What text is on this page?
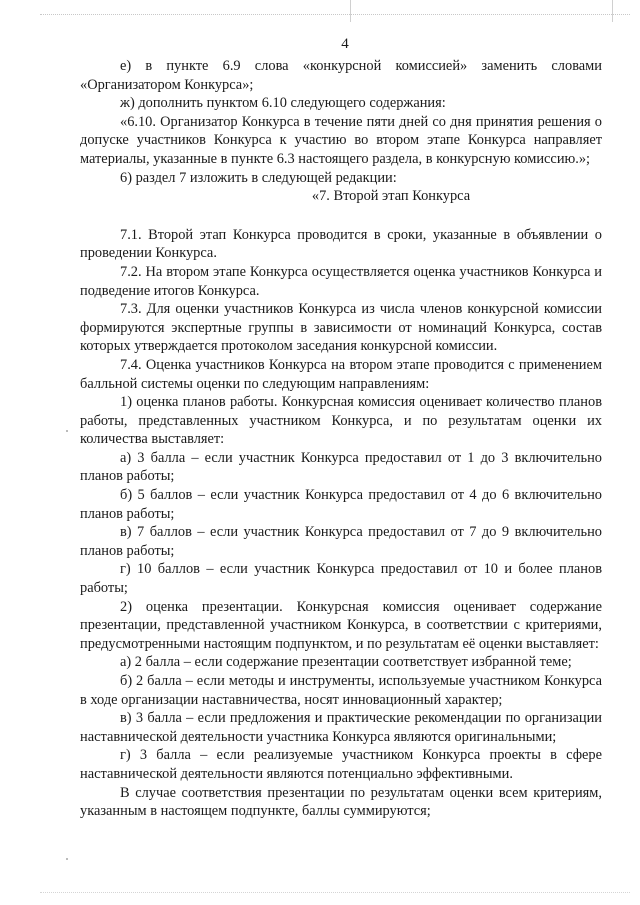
4

е) в пункте 6.9 слова «конкурсной комиссией» заменить словами «Организатором Конкурса»;

ж) дополнить пунктом 6.10 следующего содержания:

«6.10. Организатор Конкурса в течение пяти дней со дня принятия решения о допуске участников Конкурса к участию во втором этапе Конкурса направляет материалы, указанные в пункте 6.3 настоящего раздела, в конкурсную комиссию.»;

6) раздел 7 изложить в следующей редакции:

«7. Второй этап Конкурса

7.1. Второй этап Конкурса проводится в сроки, указанные в объявлении о проведении Конкурса.

7.2. На втором этапе Конкурса осуществляется оценка участников Конкурса и подведение итогов Конкурса.

7.3. Для оценки участников Конкурса из числа членов конкурсной комиссии формируются экспертные группы в зависимости от номинаций Конкурса, состав которых утверждается протоколом заседания конкурсной комиссии.

7.4. Оценка участников Конкурса на втором этапе проводится с применением балльной системы оценки по следующим направлениям:

1) оценка планов работы. Конкурсная комиссия оценивает количество планов работы, представленных участником Конкурса, и по результатам оценки их количества выставляет:

а) 3 балла – если участник Конкурса предоставил от 1 до 3 включительно планов работы;

б) 5 баллов – если участник Конкурса предоставил от 4 до 6 включительно планов работы;

в) 7 баллов – если участник Конкурса предоставил от 7 до 9 включительно планов работы;

г) 10 баллов – если участник Конкурса предоставил от 10 и более планов работы;

2) оценка презентации. Конкурсная комиссия оценивает содержание презентации, представленной участником Конкурса, в соответствии с критериями, предусмотренными настоящим подпунктом, и по результатам её оценки выставляет:

а) 2 балла – если содержание презентации соответствует избранной теме;

б) 2 балла – если методы и инструменты, используемые участником Конкурса в ходе организации наставничества, носят инновационный характер;

в) 3 балла – если предложения и практические рекомендации по организации наставнической деятельности участника Конкурса являются оригинальными;

г) 3 балла – если реализуемые участником Конкурса проекты в сфере наставнической деятельности являются потенциально эффективными.

В случае соответствия презентации по результатам оценки всем критериям, указанным в настоящем подпункте, баллы суммируются;
